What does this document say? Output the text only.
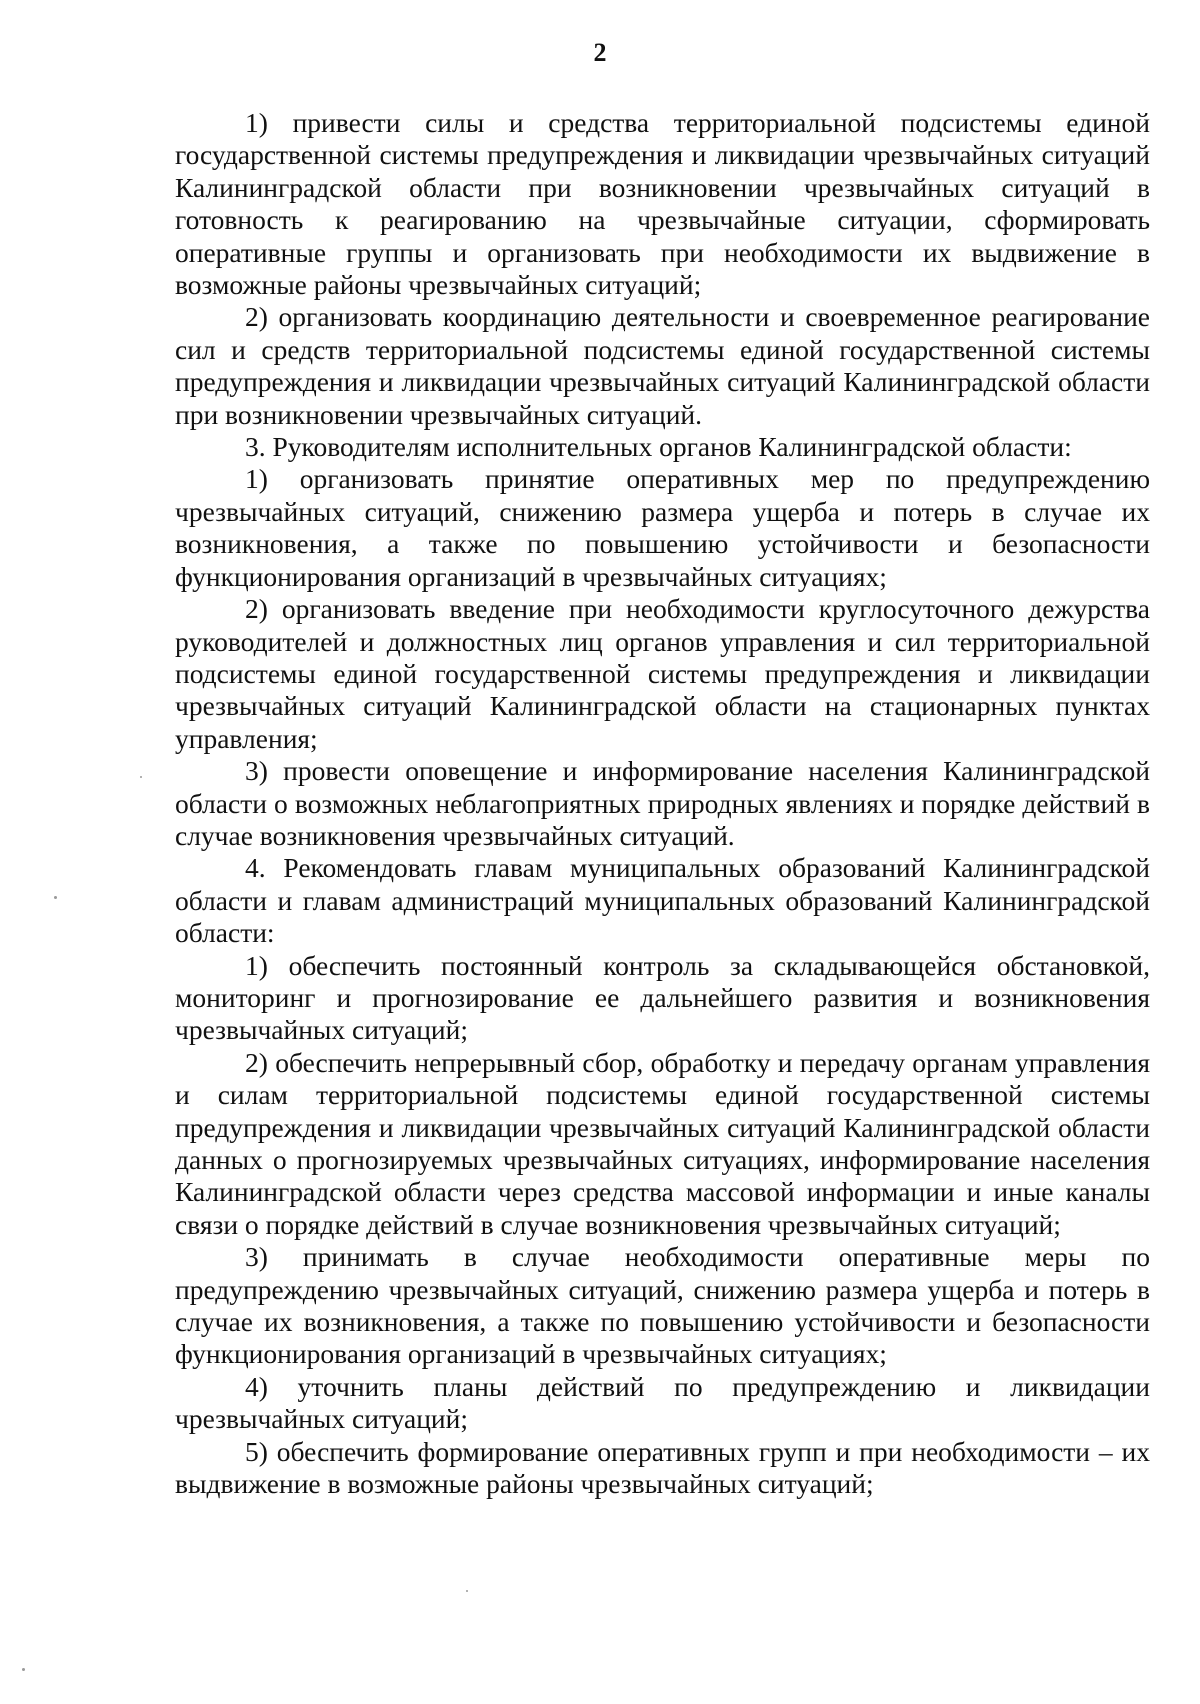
2

1) привести силы и средства территориальной подсистемы единой государственной системы предупреждения и ликвидации чрезвычайных ситуаций Калининградской области при возникновении чрезвычайных ситуаций в готовность к реагированию на чрезвычайные ситуации, сформировать оперативные группы и организовать при необходимости их выдвижение в возможные районы чрезвычайных ситуаций;

2) организовать координацию деятельности и своевременное реагирование сил и средств территориальной подсистемы единой государственной системы предупреждения и ликвидации чрезвычайных ситуаций Калининградской области при возникновении чрезвычайных ситуаций.

3. Руководителям исполнительных органов Калининградской области:

1) организовать принятие оперативных мер по предупреждению чрезвычайных ситуаций, снижению размера ущерба и потерь в случае их возникновения, а также по повышению устойчивости и безопасности функционирования организаций в чрезвычайных ситуациях;

2) организовать введение при необходимости круглосуточного дежурства руководителей и должностных лиц органов управления и сил территориальной подсистемы единой государственной системы предупреждения и ликвидации чрезвычайных ситуаций Калининградской области на стационарных пунктах управления;

3) провести оповещение и информирование населения Калининградской области о возможных неблагоприятных природных явлениях и порядке действий в случае возникновения чрезвычайных ситуаций.

4. Рекомендовать главам муниципальных образований Калининградской области и главам администраций муниципальных образований Калининградской области:

1) обеспечить постоянный контроль за складывающейся обстановкой, мониторинг и прогнозирование ее дальнейшего развития и возникновения чрезвычайных ситуаций;

2) обеспечить непрерывный сбор, обработку и передачу органам управления и силам территориальной подсистемы единой государственной системы предупреждения и ликвидации чрезвычайных ситуаций Калининградской области данных о прогнозируемых чрезвычайных ситуациях, информирование населения Калининградской области через средства массовой информации и иные каналы связи о порядке действий в случае возникновения чрезвычайных ситуаций;

3) принимать в случае необходимости оперативные меры по предупреждению чрезвычайных ситуаций, снижению размера ущерба и потерь в случае их возникновения, а также по повышению устойчивости и безопасности функционирования организаций в чрезвычайных ситуациях;

4) уточнить планы действий по предупреждению и ликвидации чрезвычайных ситуаций;

5) обеспечить формирование оперативных групп и при необходимости – их выдвижение в возможные районы чрезвычайных ситуаций;
